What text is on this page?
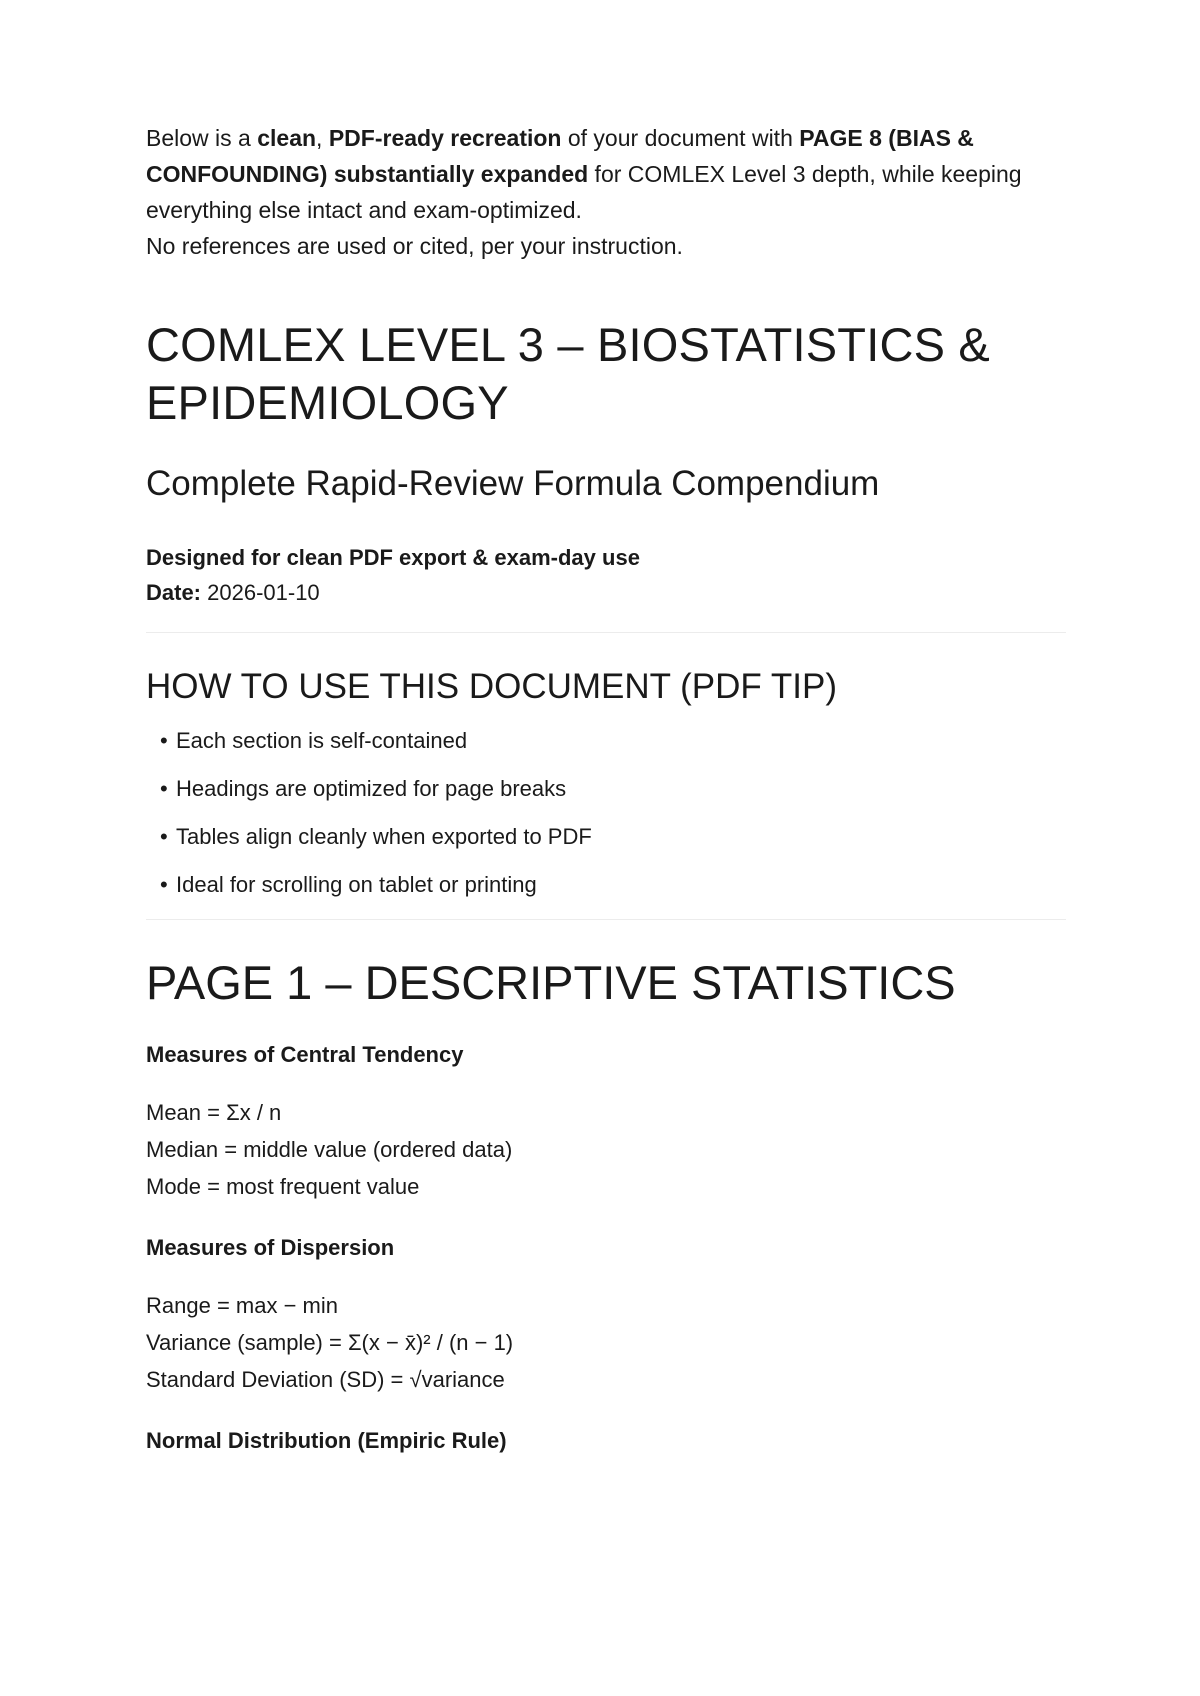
Below is a clean, PDF-ready recreation of your document with PAGE 8 (BIAS & CONFOUNDING) substantially expanded for COMLEX Level 3 depth, while keeping everything else intact and exam-optimized.
No references are used or cited, per your instruction.

COMLEX LEVEL 3 – BIOSTATISTICS & EPIDEMIOLOGY
Complete Rapid-Review Formula Compendium
Designed for clean PDF export & exam-day use
Date: 2026-01-10
HOW TO USE THIS DOCUMENT (PDF TIP)
• Each section is self-contained
• Headings are optimized for page breaks
• Tables align cleanly when exported to PDF
• Ideal for scrolling on tablet or printing
PAGE 1 – DESCRIPTIVE STATISTICS
Measures of Central Tendency
Mean = Σx / n
Median = middle value (ordered data)
Mode = most frequent value
Measures of Dispersion
Range = max − min
Variance (sample) = Σ(x − x̄)² / (n − 1)
Standard Deviation (SD) = √variance
Normal Distribution (Empiric Rule)
